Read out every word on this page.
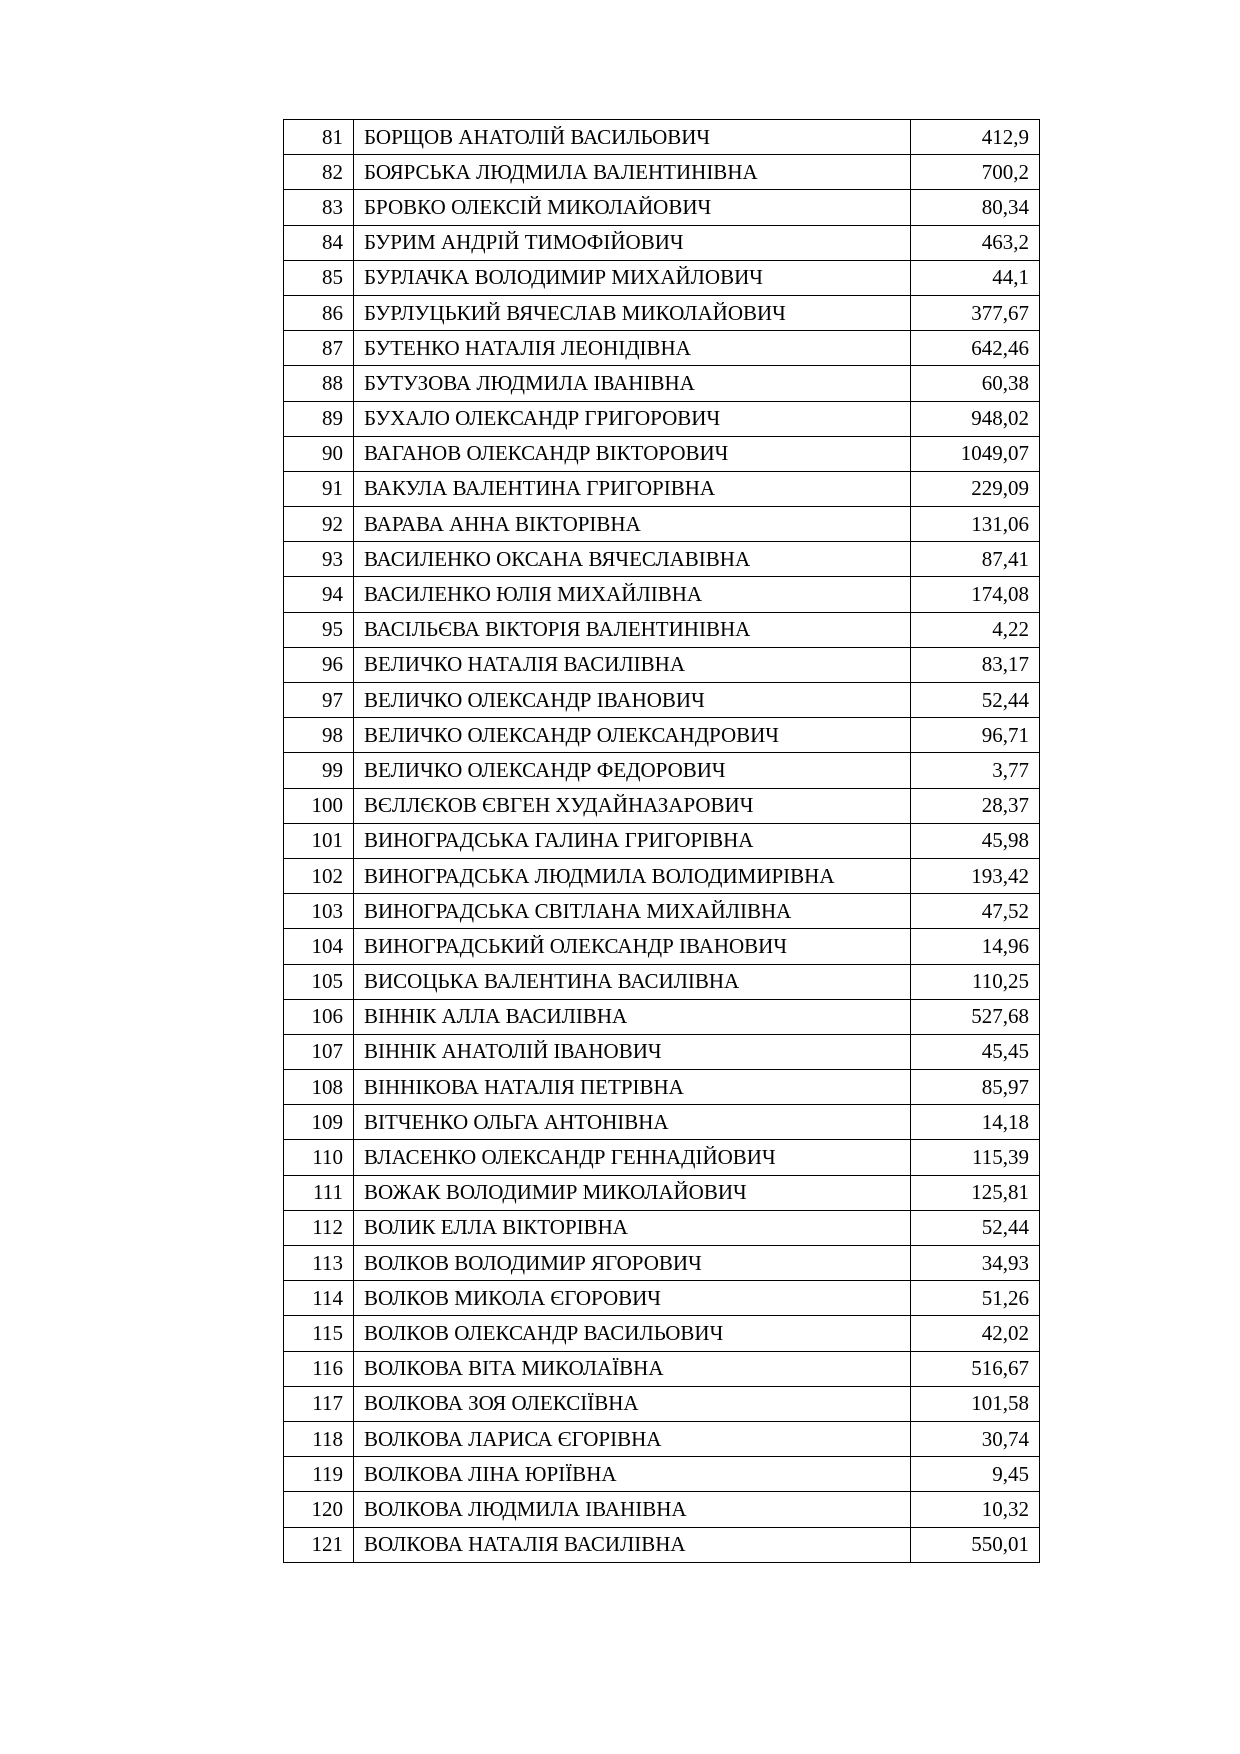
81	БОРЩОВ АНАТОЛІЙ ВАСИЛЬОВИЧ	412,9
82	БОЯРСЬКА ЛЮДМИЛА ВАЛЕНТИНІВНА	700,2
83	БРОВКО ОЛЕКСІЙ МИКОЛАЙОВИЧ	80,34
84	БУРИМ АНДРІЙ ТИМОФІЙОВИЧ	463,2
85	БУРЛАЧКА ВОЛОДИМИР МИХАЙЛОВИЧ	44,1
86	БУРЛУЦЬКИЙ ВЯЧЕСЛАВ МИКОЛАЙОВИЧ	377,67
87	БУТЕНКО НАТАЛІЯ ЛЕОНІДІВНА	642,46
88	БУТУЗОВА ЛЮДМИЛА ІВАНІВНА	60,38
89	БУХАЛО ОЛЕКСАНДР ГРИГОРОВИЧ	948,02
90	ВАГАНОВ ОЛЕКСАНДР ВІКТОРОВИЧ	1049,07
91	ВАКУЛА ВАЛЕНТИНА ГРИГОРІВНА	229,09
92	ВАРАВА АННА ВІКТОРІВНА	131,06
93	ВАСИЛЕНКО ОКСАНА ВЯЧЕСЛАВІВНА	87,41
94	ВАСИЛЕНКО ЮЛІЯ МИХАЙЛІВНА	174,08
95	ВАСІЛЬЄВА ВІКТОРІЯ ВАЛЕНТИНІВНА	4,22
96	ВЕЛИЧКО НАТАЛІЯ ВАСИЛІВНА	83,17
97	ВЕЛИЧКО ОЛЕКСАНДР ІВАНОВИЧ	52,44
98	ВЕЛИЧКО ОЛЕКСАНДР ОЛЕКСАНДРОВИЧ	96,71
99	ВЕЛИЧКО ОЛЕКСАНДР ФЕДОРОВИЧ	3,77
100	ВЄЛЛЄКОВ ЄВГЕН ХУДАЙНАЗАРОВИЧ	28,37
101	ВИНОГРАДСЬКА ГАЛИНА ГРИГОРІВНА	45,98
102	ВИНОГРАДСЬКА ЛЮДМИЛА ВОЛОДИМИРІВНА	193,42
103	ВИНОГРАДСЬКА СВІТЛАНА МИХАЙЛІВНА	47,52
104	ВИНОГРАДСЬКИЙ ОЛЕКСАНДР ІВАНОВИЧ	14,96
105	ВИСОЦЬКА ВАЛЕНТИНА ВАСИЛІВНА	110,25
106	ВІННІК АЛЛА ВАСИЛІВНА	527,68
107	ВІННІК АНАТОЛІЙ ІВАНОВИЧ	45,45
108	ВІННІКОВА НАТАЛІЯ ПЕТРІВНА	85,97
109	ВІТЧЕНКО ОЛЬГА АНТОНІВНА	14,18
110	ВЛАСЕНКО ОЛЕКСАНДР ГЕННАДІЙОВИЧ	115,39
111	ВОЖАК ВОЛОДИМИР МИКОЛАЙОВИЧ	125,81
112	ВОЛИК ЕЛЛА ВІКТОРІВНА	52,44
113	ВОЛКОВ ВОЛОДИМИР ЯГОРОВИЧ	34,93
114	ВОЛКОВ МИКОЛА ЄГОРОВИЧ	51,26
115	ВОЛКОВ ОЛЕКСАНДР ВАСИЛЬОВИЧ	42,02
116	ВОЛКОВА ВІТА МИКОЛАЇВНА	516,67
117	ВОЛКОВА ЗОЯ ОЛЕКСІЇВНА	101,58
118	ВОЛКОВА ЛАРИСА ЄГОРІВНА	30,74
119	ВОЛКОВА ЛІНА ЮРІЇВНА	9,45
120	ВОЛКОВА ЛЮДМИЛА ІВАНІВНА	10,32
121	ВОЛКОВА НАТАЛІЯ ВАСИЛІВНА	550,01
